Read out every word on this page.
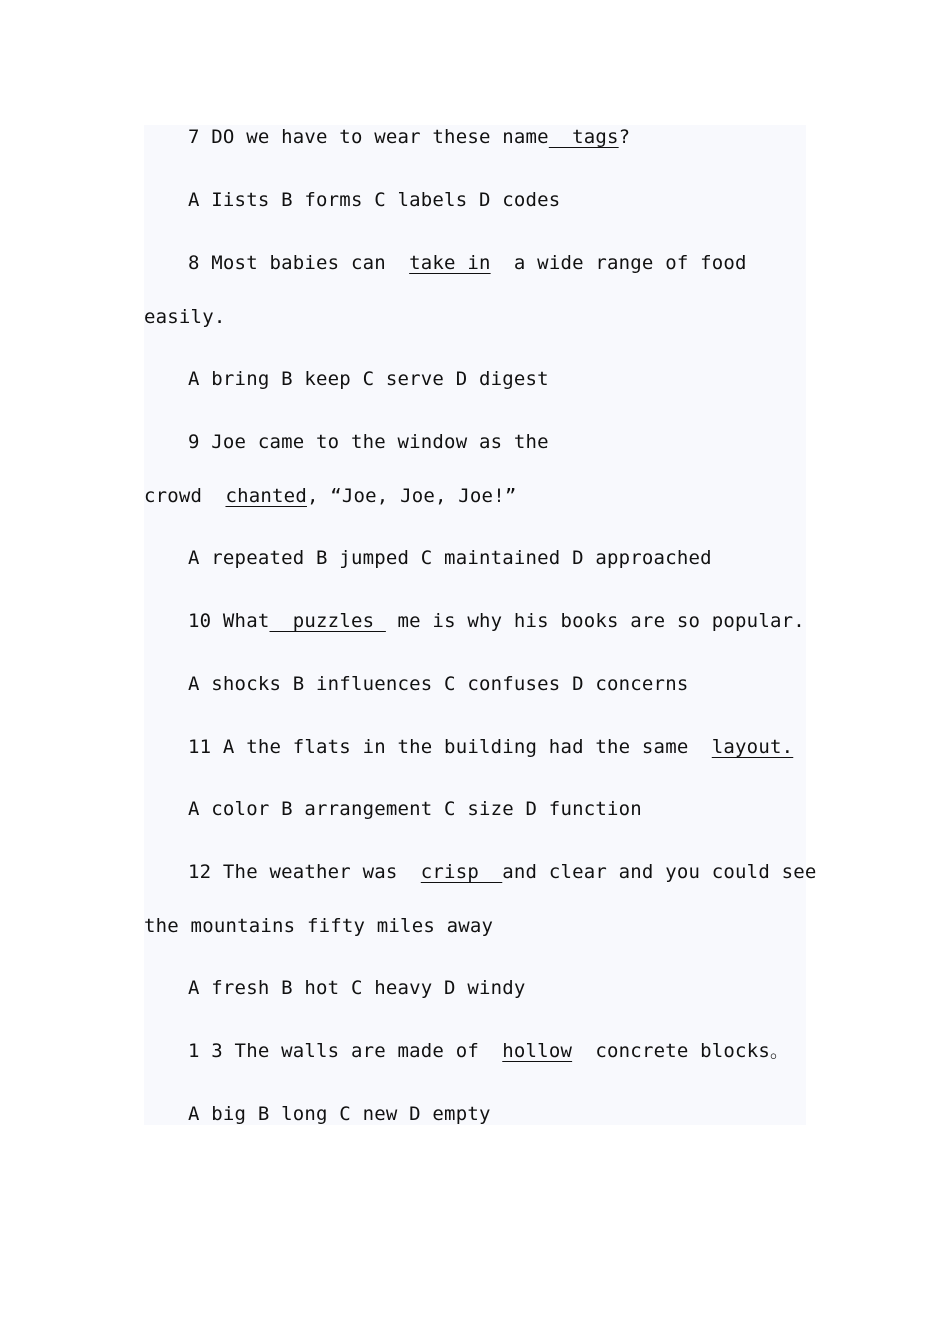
7 DO we have to wear these name  tags?
A Iists B forms C labels D codes
8 Most babies can  take in  a wide range of food
easily.
A bring B keep C serve D digest
9 Joe came to the window as the
crowd  chanted, “Joe, Joe, Joe!”
A repeated B jumped C maintained D approached
10 What  puzzles  me is why his books are so popular.
A shocks B influences C confuses D concerns
11 A the flats in the building had the same  layout.
A color B arrangement C size D function
12 The weather was  crisp  and clear and you could see
the mountains fifty miles away
A fresh B hot C heavy D windy
1 3 The walls are made of  hollow  concrete blocks。
A big B long C new D empty
